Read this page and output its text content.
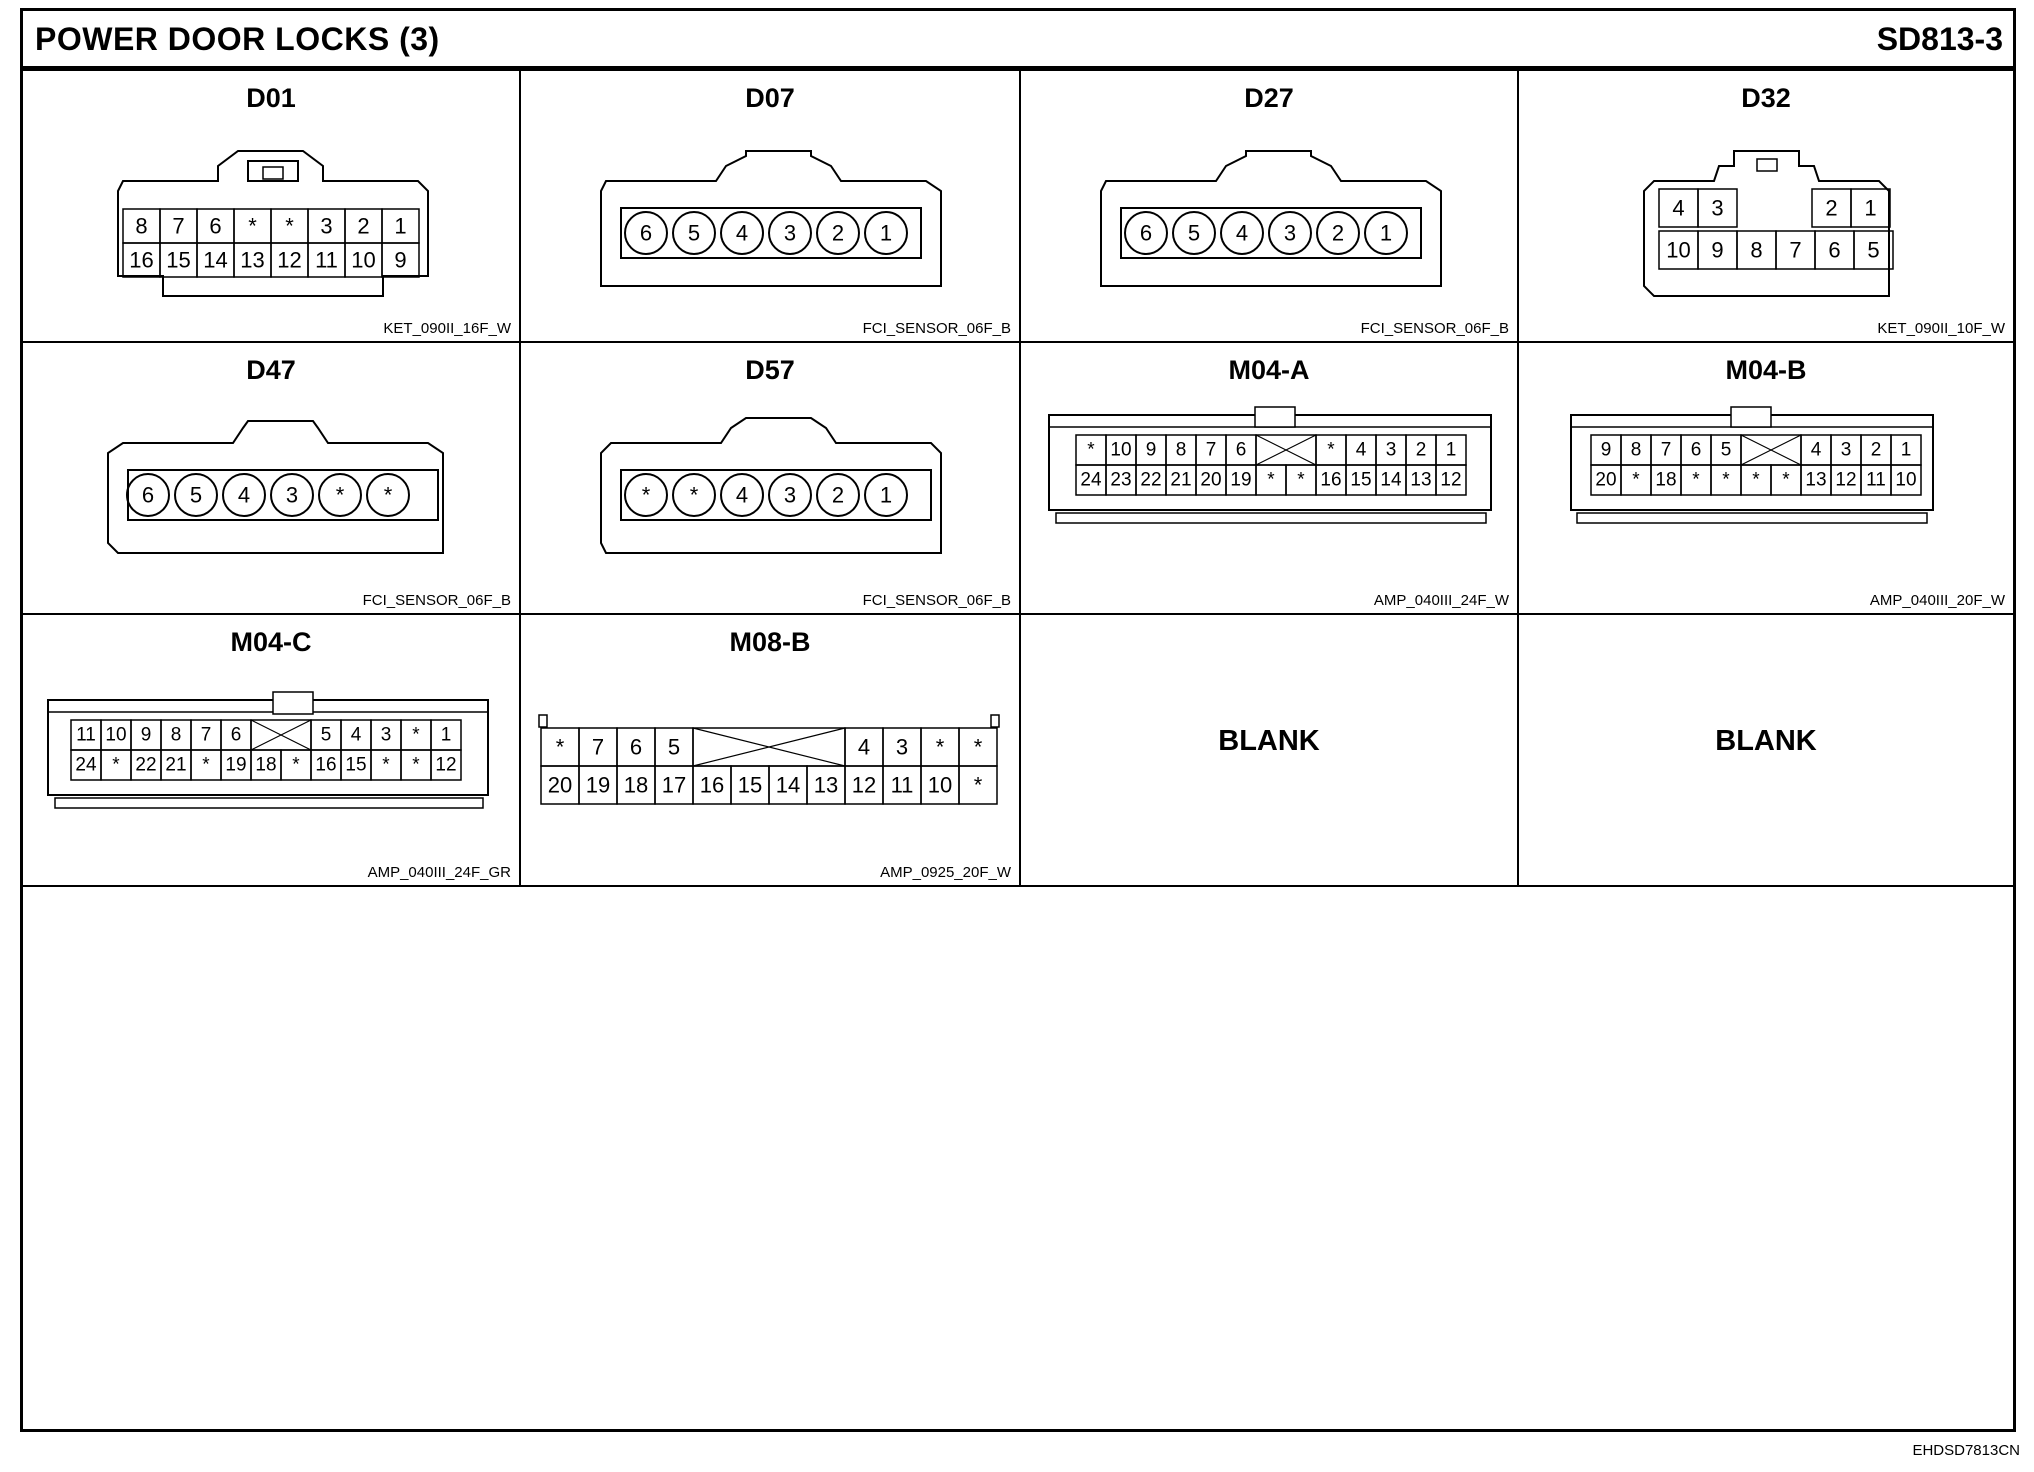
POWER DOOR LOCKS (3)	SD813-3
D01
8 7 6 * * 3 2 1
16 15 14 13 12 11 10 9
KET_090II_16F_W
D07
6 5 4 3 2 1
FCI_SENSOR_06F_B
D27
6 5 4 3 2 1
FCI_SENSOR_06F_B
D32
4 3	2 1
10 9 8 7 6 5
KET_090II_10F_W
D47
6 5 4 3 * *
FCI_SENSOR_06F_B
D57
* * 4 3 2 1
FCI_SENSOR_06F_B
M04-A
* 10 9 8 7 6	* 4 3 2 1
24 23 22 21 20 19 * * 16 15 14 13 12
AMP_040III_24F_W
M04-B
9 8 7 6 5	4 3 2 1
20 * 18 * * * * 13 12 11 10
AMP_040III_20F_W
M04-C
11 10 9 8 7 6	5 4 3 * 1
24 * 22 21 * 19 18 * 16 15 * * 12
AMP_040III_24F_GR
M08-B
* 7 6 5	4 3 * *
20 19 18 17 16 15 14 13 12 11 10 *
AMP_0925_20F_W
BLANK	BLANK
EHDSD7813CN
